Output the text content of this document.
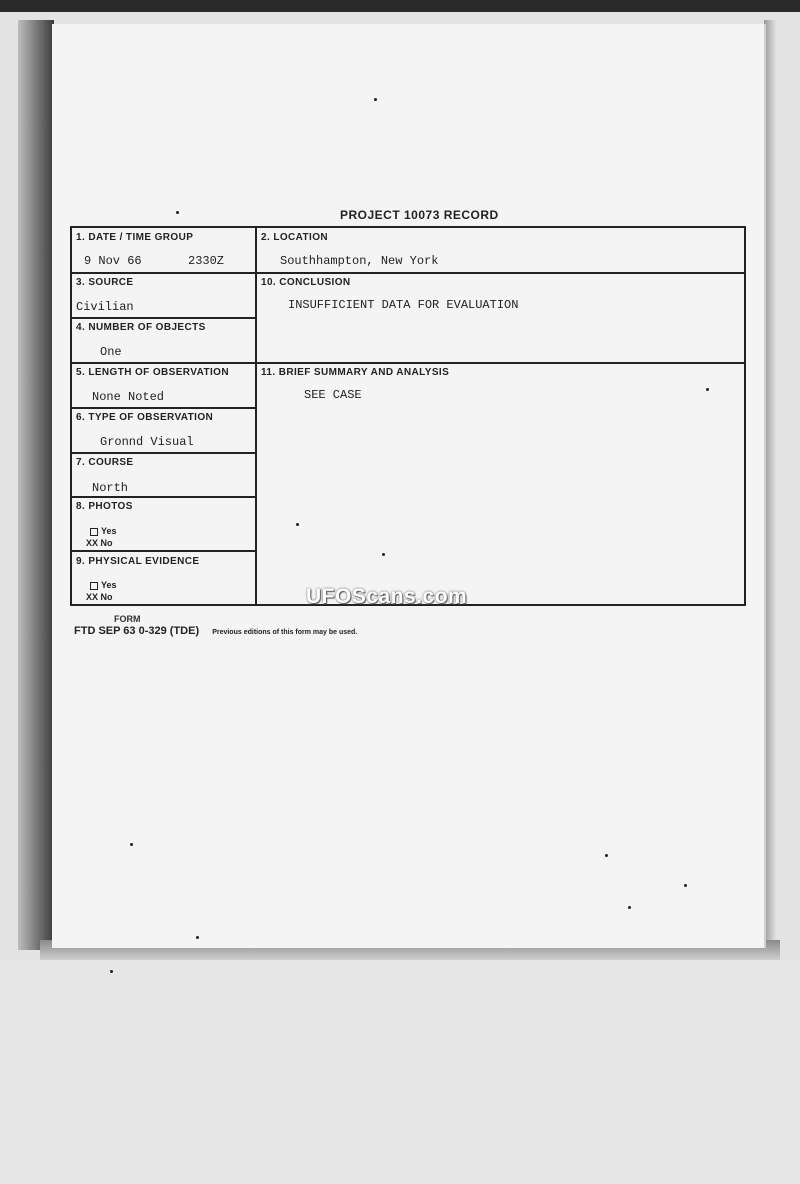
PROJECT 10073 RECORD
1. DATE / TIME GROUP
9 Nov 66	2330Z
2. LOCATION
Southhampton, New York
3. SOURCE
Civilian
10. CONCLUSION
INSUFFICIENT DATA FOR EVALUATION
4. NUMBER OF OBJECTS
One
5. LENGTH OF OBSERVATION
None Noted
11. BRIEF SUMMARY AND ANALYSIS
SEE CASE
6. TYPE OF OBSERVATION
Gronnd Visual
7. COURSE
North
8. PHOTOS
Yes
XX No
9. PHYSICAL EVIDENCE
Yes
XX No	UFOScans.com
FORM
FTD SEP 63 0-329 (TDE) Previous editions of this form may be used.
